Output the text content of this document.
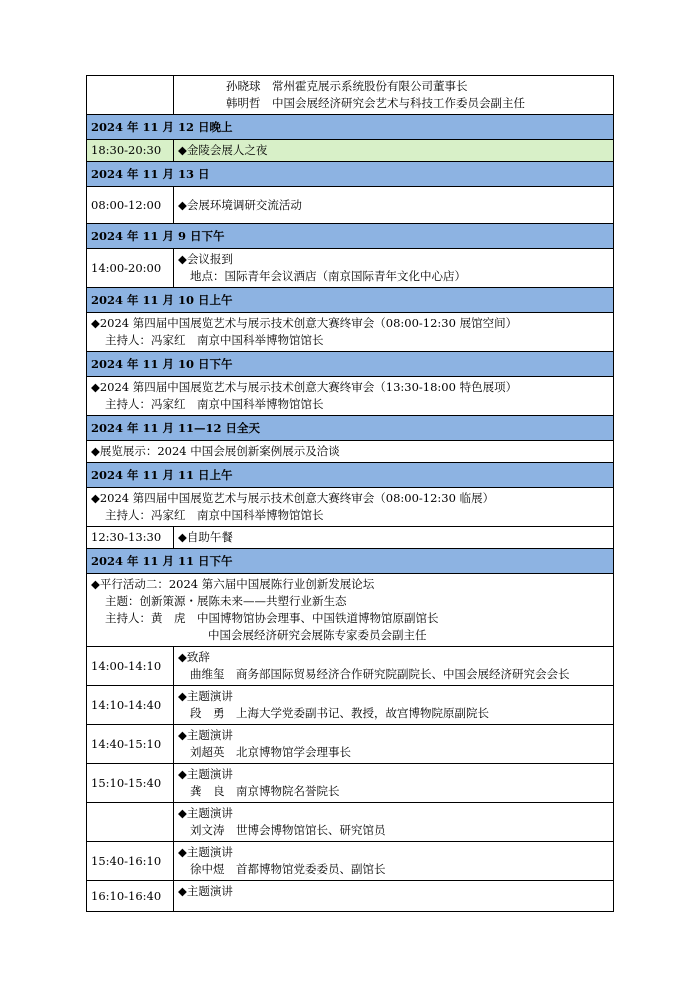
	孙晓球　常州霍克展示系统股份有限公司董事长
韩明哲　中国会展经济研究会艺术与科技工作委员会副主任

2024 年 11 月 12 日晚上	
18:30-20:30	◆金陵会展人之夜
2024 年 11 月 13 日	
08:00-12:00	◆会展环境调研交流活动
2024 年 11 月 9 日下午	
14:00-20:00	◆会议报到
地点：国际青年会议酒店（南京国际青年文化中心店）

2024 年 11 月 10 日上午	

◆2024 第四届中国展览艺术与展示技术创意大赛终审会（08:00-12:30 展馆空间）
主持人：冯家红　南京中国科举博物馆馆长	

2024 年 11 月 10 日下午	

◆2024 第四届中国展览艺术与展示技术创意大赛终审会（13:30-18:00 特色展项）
主持人：冯家红　南京中国科举博物馆馆长	

2024 年 11 月 11—12 日全天	
◆展览展示：2024 中国会展创新案例展示及洽谈	
2024 年 11 月 11 日上午	

◆2024 第四届中国展览艺术与展示技术创意大赛终审会（08:00-12:30 临展）
主持人：冯家红　南京中国科举博物馆馆长	

12:30-13:30	◆自助午餐
2024 年 11 月 11 日下午	

◆平行活动二：2024 第六届中国展陈行业创新发展论坛
主题：创新策源・展陈未来——共塑行业新生态
主持人：黄　虎　中国博物馆协会理事、中国铁道博物馆原副馆长
中国会展经济研究会展陈专家委员会副主任	

14:00-14:10	◆致辞
曲维玺　商务部国际贸易经济合作研究院副院长、中国会展经济研究会会长

14:10-14:40	◆主题演讲
段　勇　上海大学党委副书记、教授，故宫博物院原副院长

14:40-15:10	◆主题演讲
刘超英　北京博物馆学会理事长

15:10-15:40	◆主题演讲
龚　良　南京博物院名誉院长

	◆主题演讲
刘文涛　世博会博物馆馆长、研究馆员

15:40-16:10	◆主题演讲
徐中煜　首都博物馆党委委员、副馆长

16:10-16:40	◆主题演讲
